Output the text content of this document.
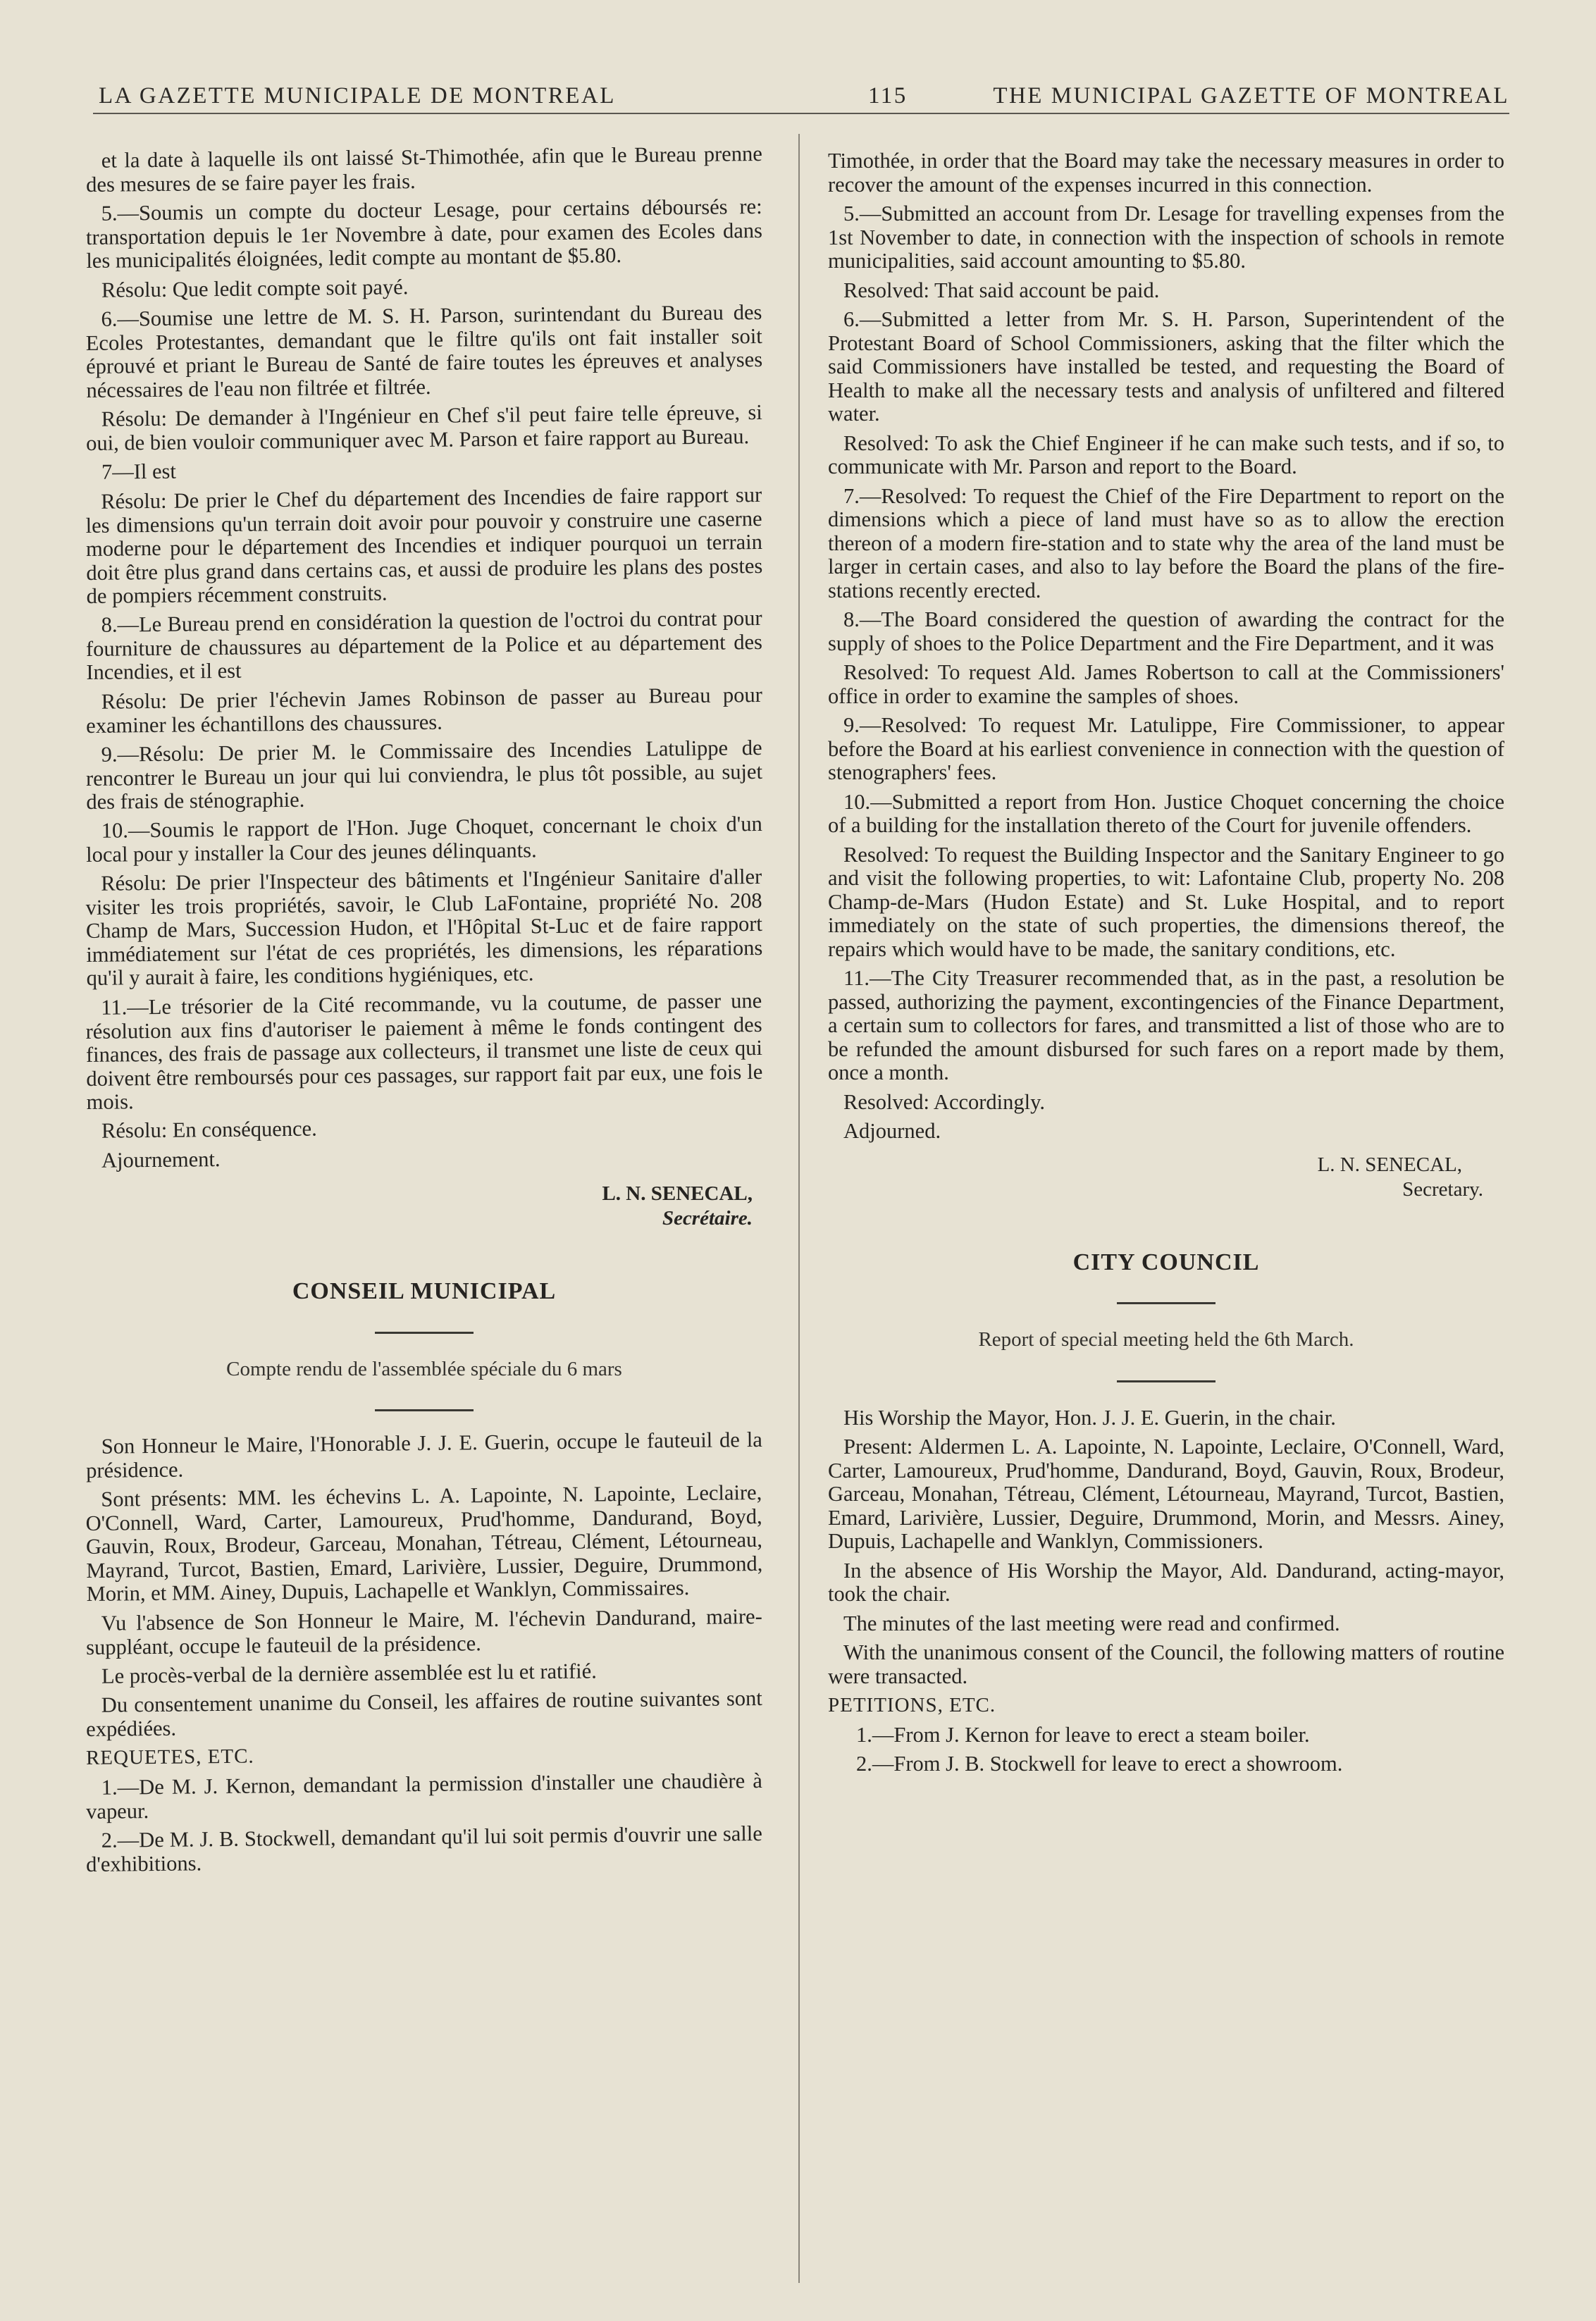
LA GAZETTE MUNICIPALE DE MONTREAL	115	THE MUNICIPAL GAZETTE OF MONTREAL

et la date à laquelle ils ont laissé St-Thimothée, afin que le Bureau prenne des mesures de se faire payer les frais.

5.—Soumis un compte du docteur Lesage, pour certains déboursés re: transportation depuis le 1er Novembre à date, pour examen des Ecoles dans les municipalités éloignées, ledit compte au montant de $5.80.

Résolu: Que ledit compte soit payé.

6.—Soumise une lettre de M. S. H. Parson, surintendant du Bureau des Ecoles Protestantes, demandant que le filtre qu'ils ont fait installer soit éprouvé et priant le Bureau de Santé de faire toutes les épreuves et analyses nécessaires de l'eau non filtrée et filtrée.

Résolu: De demander à l'Ingénieur en Chef s'il peut faire telle épreuve, si oui, de bien vouloir communiquer avec M. Parson et faire rapport au Bureau.

7—Il est

Résolu: De prier le Chef du département des Incendies de faire rapport sur les dimensions qu'un terrain doit avoir pour pouvoir y construire une caserne moderne pour le département des Incendies et indiquer pourquoi un terrain doit être plus grand dans certains cas, et aussi de produire les plans des postes de pompiers récemment construits.

8.—Le Bureau prend en considération la question de l'octroi du contrat pour fourniture de chaussures au département de la Police et au département des Incendies, et il est

Résolu: De prier l'échevin James Robinson de passer au Bureau pour examiner les échantillons des chaussures.

9.—Résolu: De prier M. le Commissaire des Incendies Latulippe de rencontrer le Bureau un jour qui lui conviendra, le plus tôt possible, au sujet des frais de sténographie.

10.—Soumis le rapport de l'Hon. Juge Choquet, concernant le choix d'un local pour y installer la Cour des jeunes délinquants.

Résolu: De prier l'Inspecteur des bâtiments et l'Ingénieur Sanitaire d'aller visiter les trois propriétés, savoir, le Club LaFontaine, propriété No. 208 Champ de Mars, Succession Hudon, et l'Hôpital St-Luc et de faire rapport immédiatement sur l'état de ces propriétés, les dimensions, les réparations qu'il y aurait à faire, les conditions hygiéniques, etc.

11.—Le trésorier de la Cité recommande, vu la coutume, de passer une résolution aux fins d'autoriser le paiement à même le fonds contingent des finances, des frais de passage aux collecteurs, il transmet une liste de ceux qui doivent être remboursés pour ces passages, sur rapport fait par eux, une fois le mois.

Résolu: En conséquence.

Ajournement.

L. N. SENECAL,
Secrétaire.
CONSEIL MUNICIPAL
Compte rendu de l'assemblée spéciale du 6 mars

Son Honneur le Maire, l'Honorable J. J. E. Guerin, occupe le fauteuil de la présidence.

Sont présents: MM. les échevins L. A. Lapointe, N. Lapointe, Leclaire, O'Connell, Ward, Carter, Lamoureux, Prud'homme, Dandurand, Boyd, Gauvin, Roux, Brodeur, Garceau, Monahan, Tétreau, Clément, Létourneau, Mayrand, Turcot, Bastien, Emard, Larivière, Lussier, Deguire, Drummond, Morin, et MM. Ainey, Dupuis, Lachapelle et Wanklyn, Commissaires.

Vu l'absence de Son Honneur le Maire, M. l'échevin Dandurand, maire-suppléant, occupe le fauteuil de la présidence.

Le procès-verbal de la dernière assemblée est lu et ratifié.

Du consentement unanime du Conseil, les affaires de routine suivantes sont expédiées.

REQUETES, ETC.

1.—De M. J. Kernon, demandant la permission d'installer une chaudière à vapeur.

2.—De M. J. B. Stockwell, demandant qu'il lui soit permis d'ouvrir une salle d'exhibitions.

Timothée, in order that the Board may take the necessary measures in order to recover the amount of the expenses incurred in this connection.

5.—Submitted an account from Dr. Lesage for travelling expenses from the 1st November to date, in connection with the inspection of schools in remote municipalities, said account amounting to $5.80.

Resolved: That said account be paid.

6.—Submitted a letter from Mr. S. H. Parson, Superintendent of the Protestant Board of School Commissioners, asking that the filter which the said Commissioners have installed be tested, and requesting the Board of Health to make all the necessary tests and analysis of unfiltered and filtered water.

Resolved: To ask the Chief Engineer if he can make such tests, and if so, to communicate with Mr. Parson and report to the Board.

7.—Resolved: To request the Chief of the Fire Department to report on the dimensions which a piece of land must have so as to allow the erection thereon of a modern fire-station and to state why the area of the land must be larger in certain cases, and also to lay before the Board the plans of the fire-stations recently erected.

8.—The Board considered the question of awarding the contract for the supply of shoes to the Police Department and the Fire Department, and it was

Resolved: To request Ald. James Robertson to call at the Commissioners' office in order to examine the samples of shoes.

9.—Resolved: To request Mr. Latulippe, Fire Commissioner, to appear before the Board at his earliest convenience in connection with the question of stenographers' fees.

10.—Submitted a report from Hon. Justice Choquet concerning the choice of a building for the installation thereto of the Court for juvenile offenders.

Resolved: To request the Building Inspector and the Sanitary Engineer to go and visit the following properties, to wit: Lafontaine Club, property No. 208 Champ-de-Mars (Hudon Estate) and St. Luke Hospital, and to report immediately on the state of such properties, the dimensions thereof, the repairs which would have to be made, the sanitary conditions, etc.

11.—The City Treasurer recommended that, as in the past, a resolution be passed, authorizing the payment, excontingencies of the Finance Department, a certain sum to collectors for fares, and transmitted a list of those who are to be refunded the amount disbursed for such fares on a report made by them, once a month.

Resolved: Accordingly.

Adjourned.

L. N. SENECAL,
Secretary.
CITY COUNCIL
Report of special meeting held the 6th March.

His Worship the Mayor, Hon. J. J. E. Guerin, in the chair.

Present: Aldermen L. A. Lapointe, N. Lapointe, Leclaire, O'Connell, Ward, Carter, Lamoureux, Prud'homme, Dandurand, Boyd, Gauvin, Roux, Brodeur, Garceau, Monahan, Tétreau, Clément, Létourneau, Mayrand, Turcot, Bastien, Emard, Larivière, Lussier, Deguire, Drummond, Morin, and Messrs. Ainey, Dupuis, Lachapelle and Wanklyn, Commissioners.

In the absence of His Worship the Mayor, Ald. Dandurand, acting-mayor, took the chair.

The minutes of the last meeting were read and confirmed.

With the unanimous consent of the Council, the following matters of routine were transacted.

PETITIONS, ETC.

1.—From J. Kernon for leave to erect a steam boiler.

2.—From J. B. Stockwell for leave to erect a showroom.
